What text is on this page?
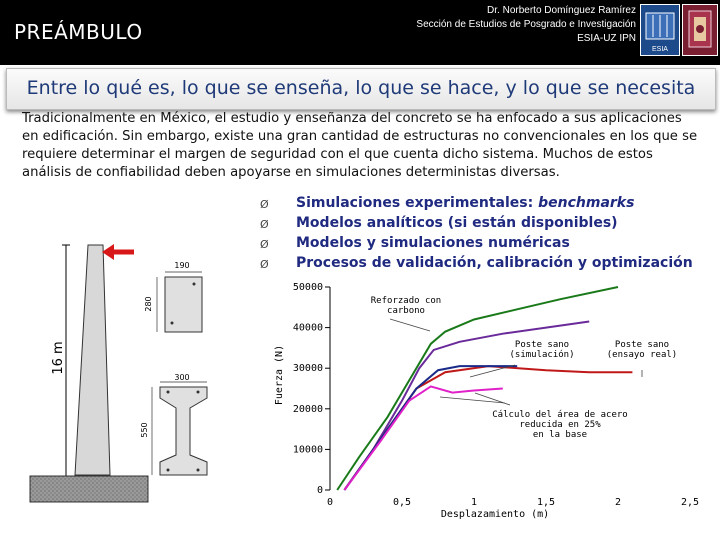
PREÁMBULO
Dr. Norberto Domínguez Ramírez
Sección de Estudios de Posgrado e Investigación
ESIA-UZ IPN
ESIA
Entre lo qué es, lo que se enseña, lo que se hace, y lo que se necesita
Tradicionalmente en México, el estudio y enseñanza del concreto se ha enfocado a sus aplicaciones en edificación. Sin embargo, existe una gran cantidad de estructuras no convencionales en los que se requiere determinar el margen de seguridad con el que cuenta dicho sistema. Muchos de estos análisis de confiabilidad deben apoyarse en simulaciones deterministas diversas.
Ø Simulaciones experimentales: benchmarks
Ø Modelos analíticos (si están disponibles)
Ø Modelos y simulaciones numéricas
Ø Procesos de validación, calibración y optimización
16 m
190
280
300
550
0
10000
20000
30000
40000
50000
0	0,5	1	1,5	2	2,5
Reforzado con
carbono
Poste sano
(simulación)
Poste sano
(ensayo real)
Cálculo del área de acero
reducida en 25%
en la base
Desplazamiento (m)
Fuerza (N)
